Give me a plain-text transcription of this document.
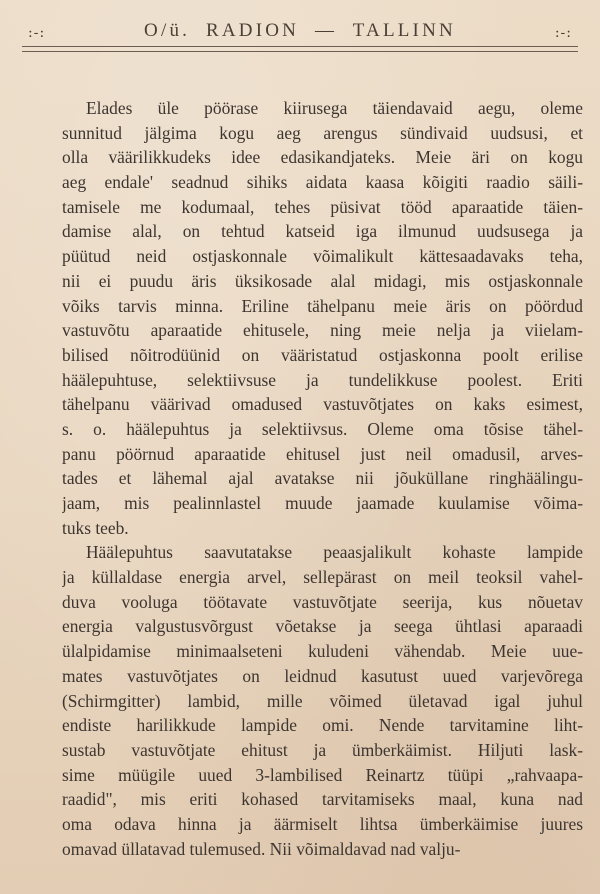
:-:	O/ü.  RADION  —  TALLINN	:-:
Elades üle pöörase kiirusega täiendavaid aegu, oleme
sunnitud jälgima kogu aeg arengus sündivaid uudsusi, et
olla väärilikkudeks idee edasikandjateks. Meie äri on kogu
aeg endale' seadnud sihiks aidata kaasa kõigiti raadio säili-
tamisele me kodumaal, tehes püsivat tööd aparaatide täien-
damise alal, on tehtud katseid iga ilmunud uudsusega ja
püütud neid ostjaskonnale võimalikult kättesaadavaks teha,
nii ei puudu äris üksikosade alal midagi, mis ostjaskonnale
võiks tarvis minna. Eriline tähelpanu meie äris on pöördud
vastuvõtu aparaatide ehitusele, ning meie nelja ja viielam-
bilised nõitrodüünid on vääristatud ostjaskonna poolt erilise
häälepuhtuse, selektiivsuse ja tundelikkuse poolest. Eriti
tähelpanu väärivad omadused vastuvõtjates on kaks esimest,
s. o. häälepuhtus ja selektiivsus. Oleme oma tõsise tähel-
panu pöörnud aparaatide ehitusel just neil omadusil, arves-
tades et lähemal ajal avatakse nii jõuküllane ringhäälingu-
jaam, mis pealinnlastel muude jaamade kuulamise võima-
tuks teeb.
Häälepuhtus saavutatakse peaasjalikult kohaste lampide
ja küllaldase energia arvel, sellepärast on meil teoksil vahel-
duva vooluga töötavate vastuvõtjate seerija, kus nõuetav
energia valgustusvõrgust võetakse ja seega ühtlasi aparaadi
ülalpidamise minimaalseteni kuludeni vähendab. Meie uue-
mates vastuvõtjates on leidnud kasutust uued varjevõrega
(Schirmgitter) lambid, mille võimed ületavad igal juhul
endiste harilikkude lampide omi. Nende tarvitamine liht-
sustab vastuvõtjate ehitust ja ümberkäimist. Hiljuti lask-
sime müügile uued 3-lambilised Reinartz tüüpi „rahvaapa-
raadid", mis eriti kohased tarvitamiseks maal, kuna nad
oma odava hinna ja äärmiselt lihtsa ümberkäimise juures
omavad üllatavad tulemused. Nii võimaldavad nad valju-
